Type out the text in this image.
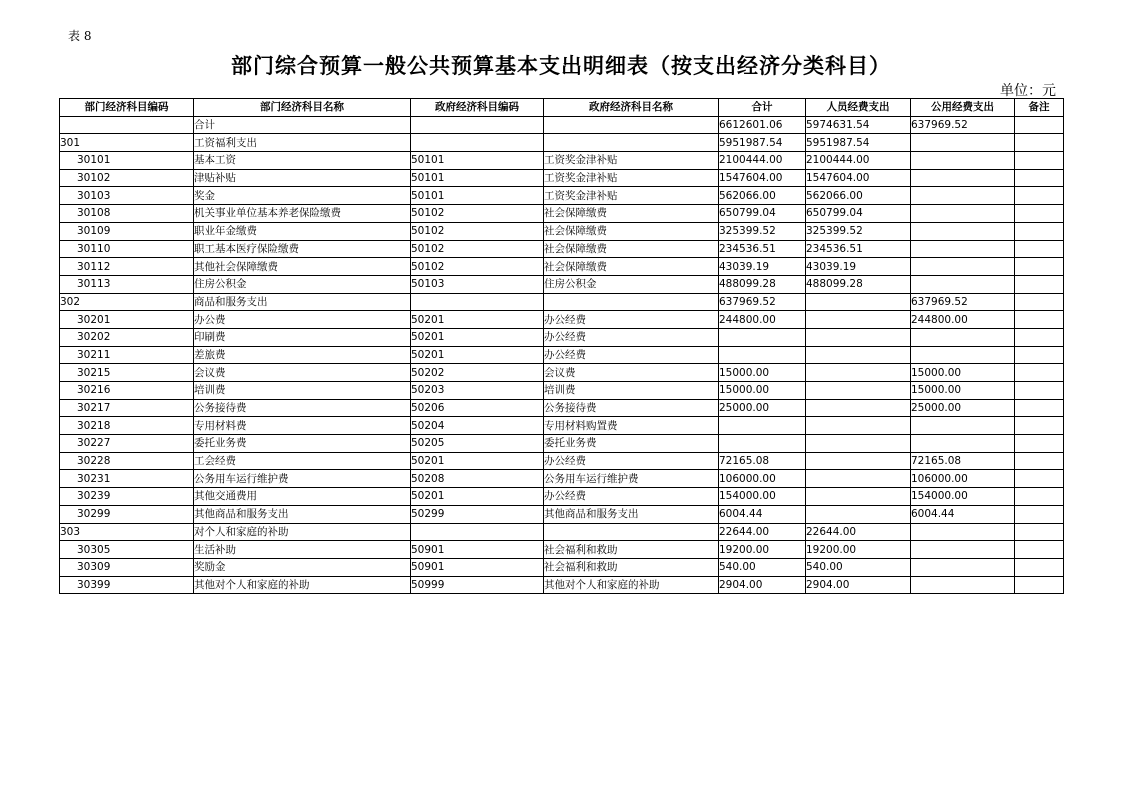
表 8
部门综合预算一般公共预算基本支出明细表（按支出经济分类科目）
单位：元
部门经济科目编码	部门经济科目名称	政府经济科目编码	政府经济科目名称	合计	人员经费支出	公用经费支出	备注
	合计			6612601.06	5974631.54	637969.52	
301	工资福利支出			5951987.54	5951987.54		
30101	基本工资	50101	工资奖金津补贴	2100444.00	2100444.00		
30102	津贴补贴	50101	工资奖金津补贴	1547604.00	1547604.00		
30103	奖金	50101	工资奖金津补贴	562066.00	562066.00		
30108	机关事业单位基本养老保险缴费	50102	社会保障缴费	650799.04	650799.04		
30109	职业年金缴费	50102	社会保障缴费	325399.52	325399.52		
30110	职工基本医疗保险缴费	50102	社会保障缴费	234536.51	234536.51		
30112	其他社会保障缴费	50102	社会保障缴费	43039.19	43039.19		
30113	住房公积金	50103	住房公积金	488099.28	488099.28		
302	商品和服务支出			637969.52		637969.52	
30201	办公费	50201	办公经费	244800.00		244800.00	
30202	印刷费	50201	办公经费				
30211	差旅费	50201	办公经费				
30215	会议费	50202	会议费	15000.00		15000.00	
30216	培训费	50203	培训费	15000.00		15000.00	
30217	公务接待费	50206	公务接待费	25000.00		25000.00	
30218	专用材料费	50204	专用材料购置费				
30227	委托业务费	50205	委托业务费				
30228	工会经费	50201	办公经费	72165.08		72165.08	
30231	公务用车运行维护费	50208	公务用车运行维护费	106000.00		106000.00	
30239	其他交通费用	50201	办公经费	154000.00		154000.00	
30299	其他商品和服务支出	50299	其他商品和服务支出	6004.44		6004.44	
303	对个人和家庭的补助			22644.00	22644.00		
30305	生活补助	50901	社会福利和救助	19200.00	19200.00		
30309	奖励金	50901	社会福利和救助	540.00	540.00		
30399	其他对个人和家庭的补助	50999	其他对个人和家庭的补助	2904.00	2904.00		
